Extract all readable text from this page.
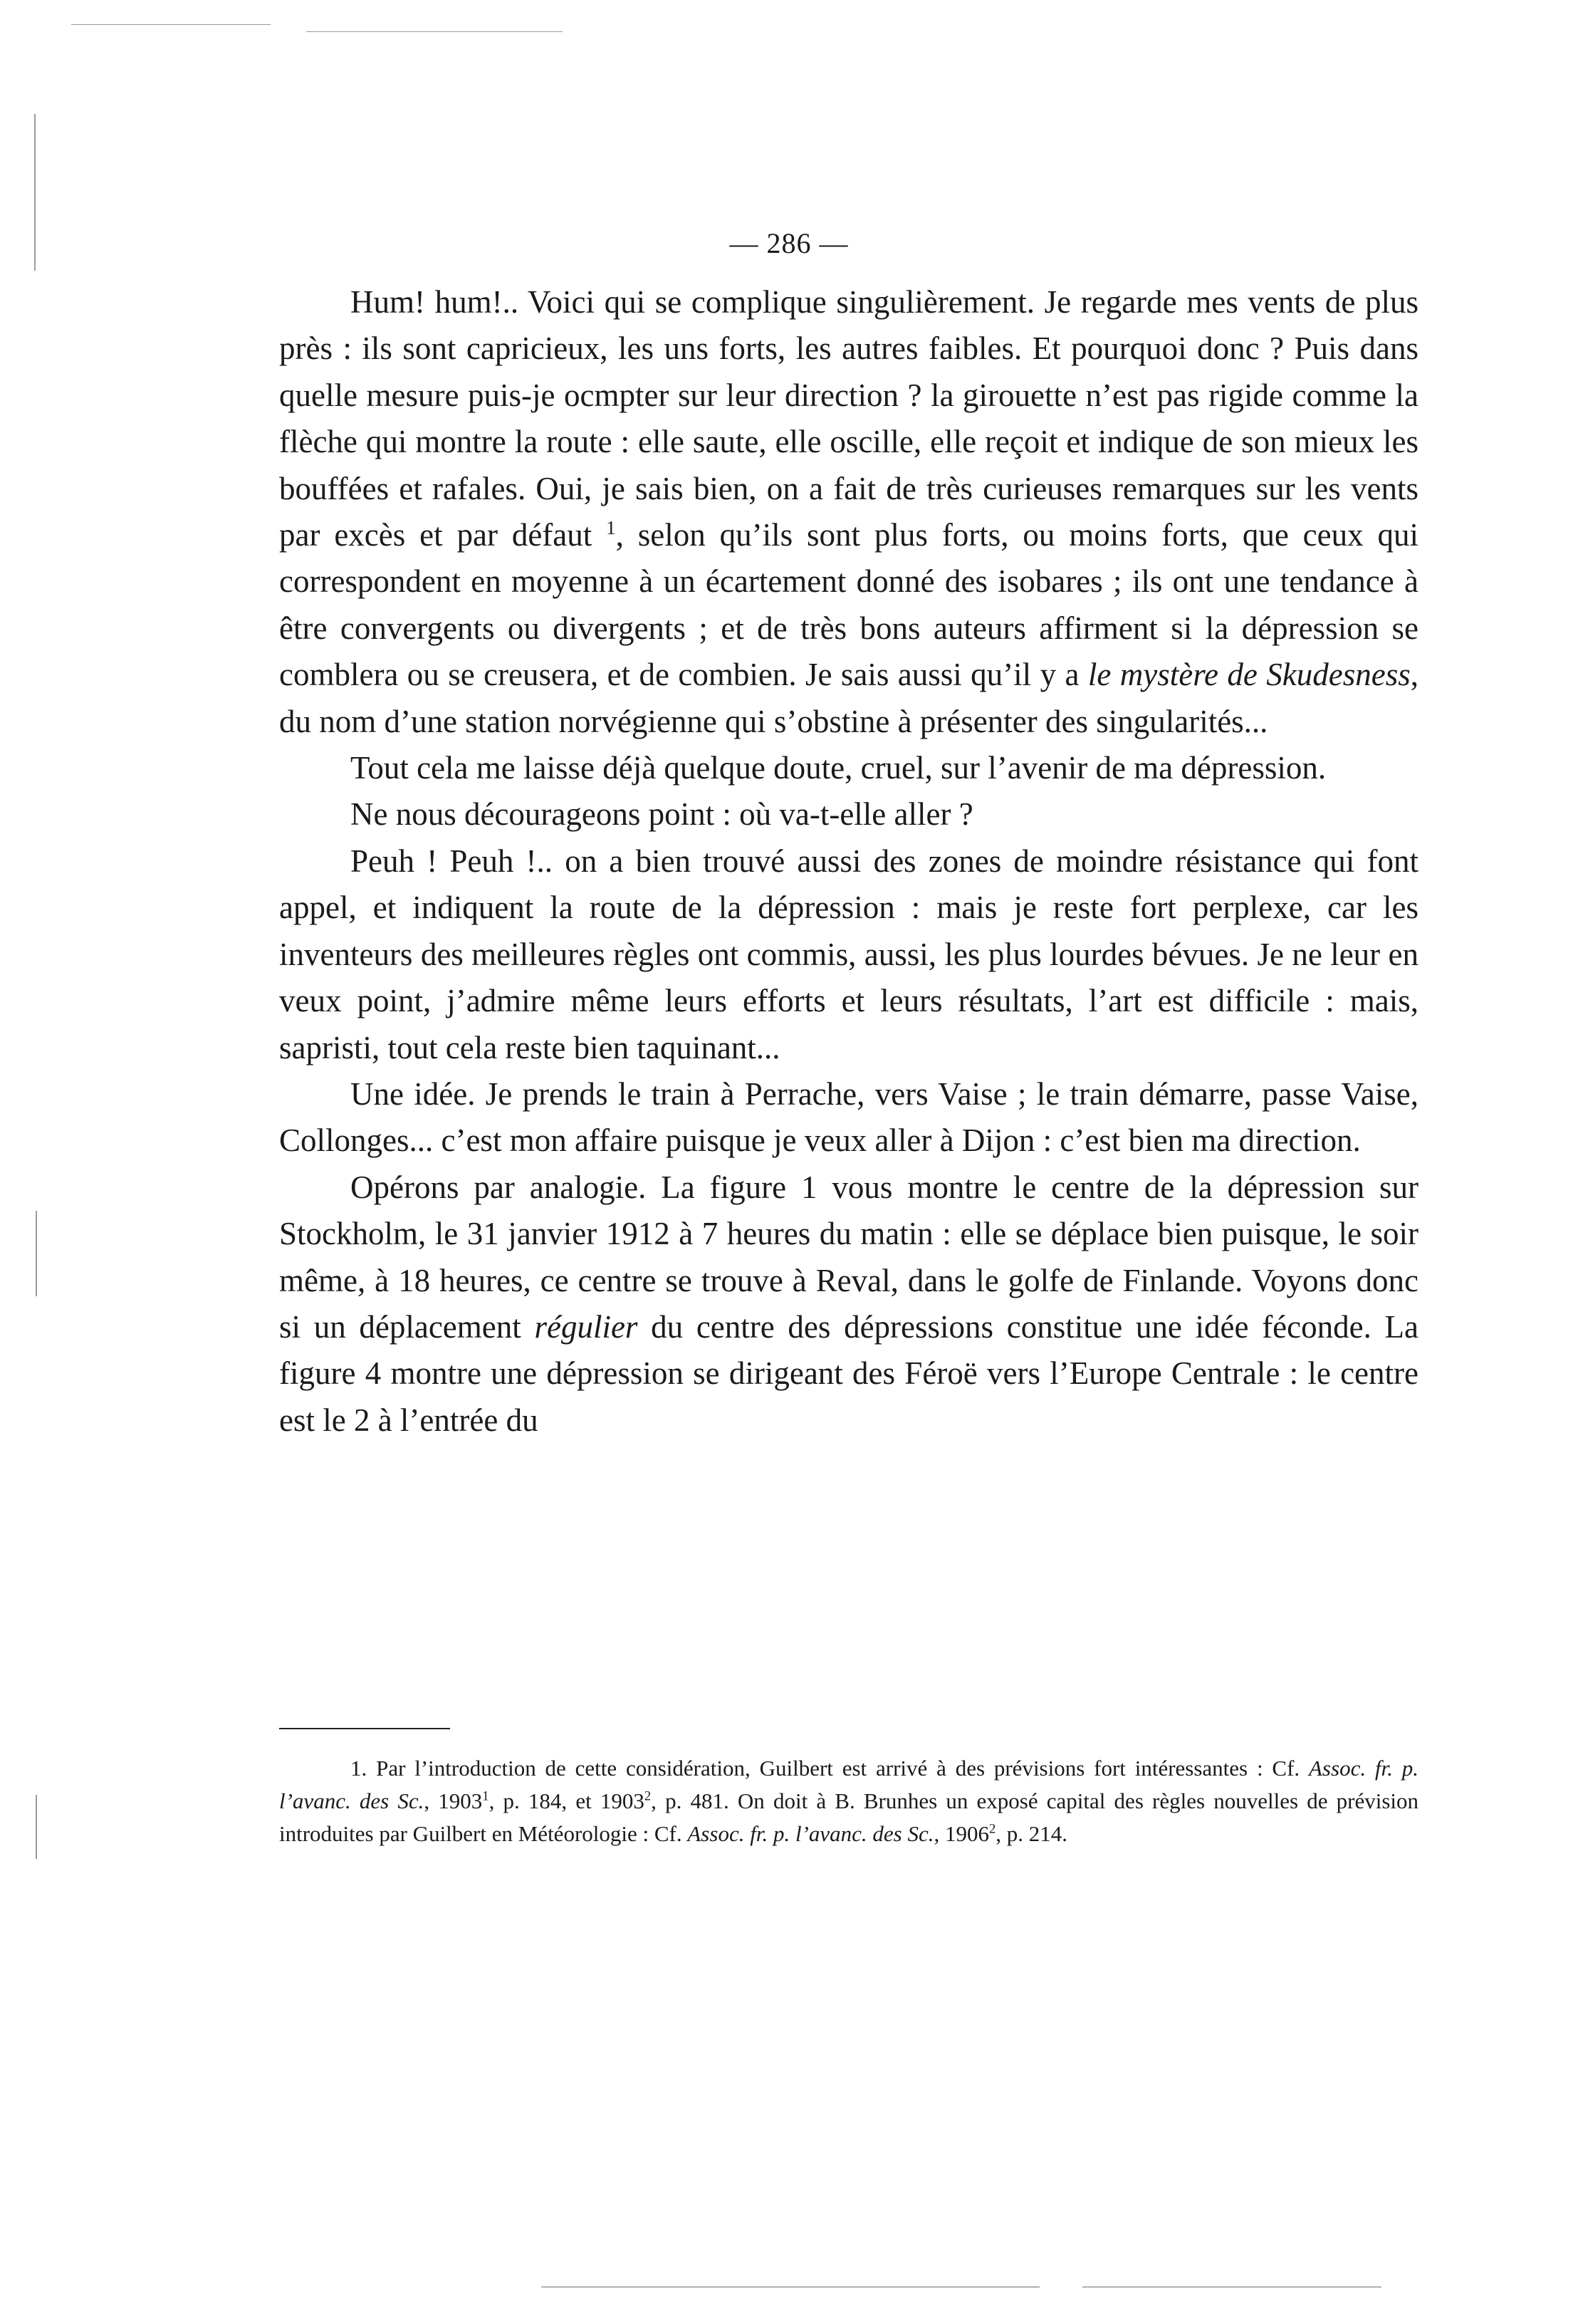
— 286 —

Hum! hum!.. Voici qui se complique singulièrement. Je regarde mes vents de plus près : ils sont capricieux, les uns forts, les autres faibles. Et pourquoi donc ? Puis dans quelle mesure puis-je ocmpter sur leur direction ? la girouette n’est pas rigide comme la flèche qui montre la route : elle saute, elle oscille, elle reçoit et indique de son mieux les bouffées et rafales. Oui, je sais bien, on a fait de très curieuses remarques sur les vents par excès et par défaut $^1$, selon qu’ils sont plus forts, ou moins forts, que ceux qui correspondent en moyenne à un écartement donné des isobares ; ils ont une tendance à être convergents ou divergents ; et de très bons auteurs affirment si la dépression se comblera ou se creusera, et de combien. Je sais aussi qu’il y a le mystère de Skudesness, du nom d’une station norvégienne qui s’obstine à présenter des singularités...

Tout cela me laisse déjà quelque doute, cruel, sur l’avenir de ma dépression.

Ne nous décourageons point : où va-t-elle aller ?

Peuh ! Peuh !.. on a bien trouvé aussi des zones de moindre résistance qui font appel, et indiquent la route de la dépression : mais je reste fort perplexe, car les inventeurs des meilleures règles ont commis, aussi, les plus lourdes bévues. Je ne leur en veux point, j’admire même leurs efforts et leurs résultats, l’art est difficile : mais, sapristi, tout cela reste bien taquinant...

Une idée. Je prends le train à Perrache, vers Vaise ; le train démarre, passe Vaise, Collonges... c’est mon affaire puisque je veux aller à Dijon : c’est bien ma direction.

Opérons par analogie. La figure 1 vous montre le centre de la dépression sur Stockholm, le 31 janvier 1912 à 7 heures du matin : elle se déplace bien puisque, le soir même, à 18 heures, ce centre se trouve à Reval, dans le golfe de Finlande. Voyons donc si un déplacement régulier du centre des dépressions constitue une idée féconde. La figure 4 montre une dépression se dirigeant des Féroë vers l’Europe Centrale : le centre est le 2 à l’entrée du

1. Par l’introduction de cette considération, Guilbert est arrivé à des prévisions fort intéressantes : Cf. Assoc. fr. p. l’avanc. des Sc., 1903$^1$, p. 184, et 1903$^2$, p. 481. On doit à B. Brunhes un exposé capital des règles nouvelles de prévision introduites par Guilbert en Météorologie : Cf. Assoc. fr. p. l’avanc. des Sc., 1906$^2$, p. 214.
